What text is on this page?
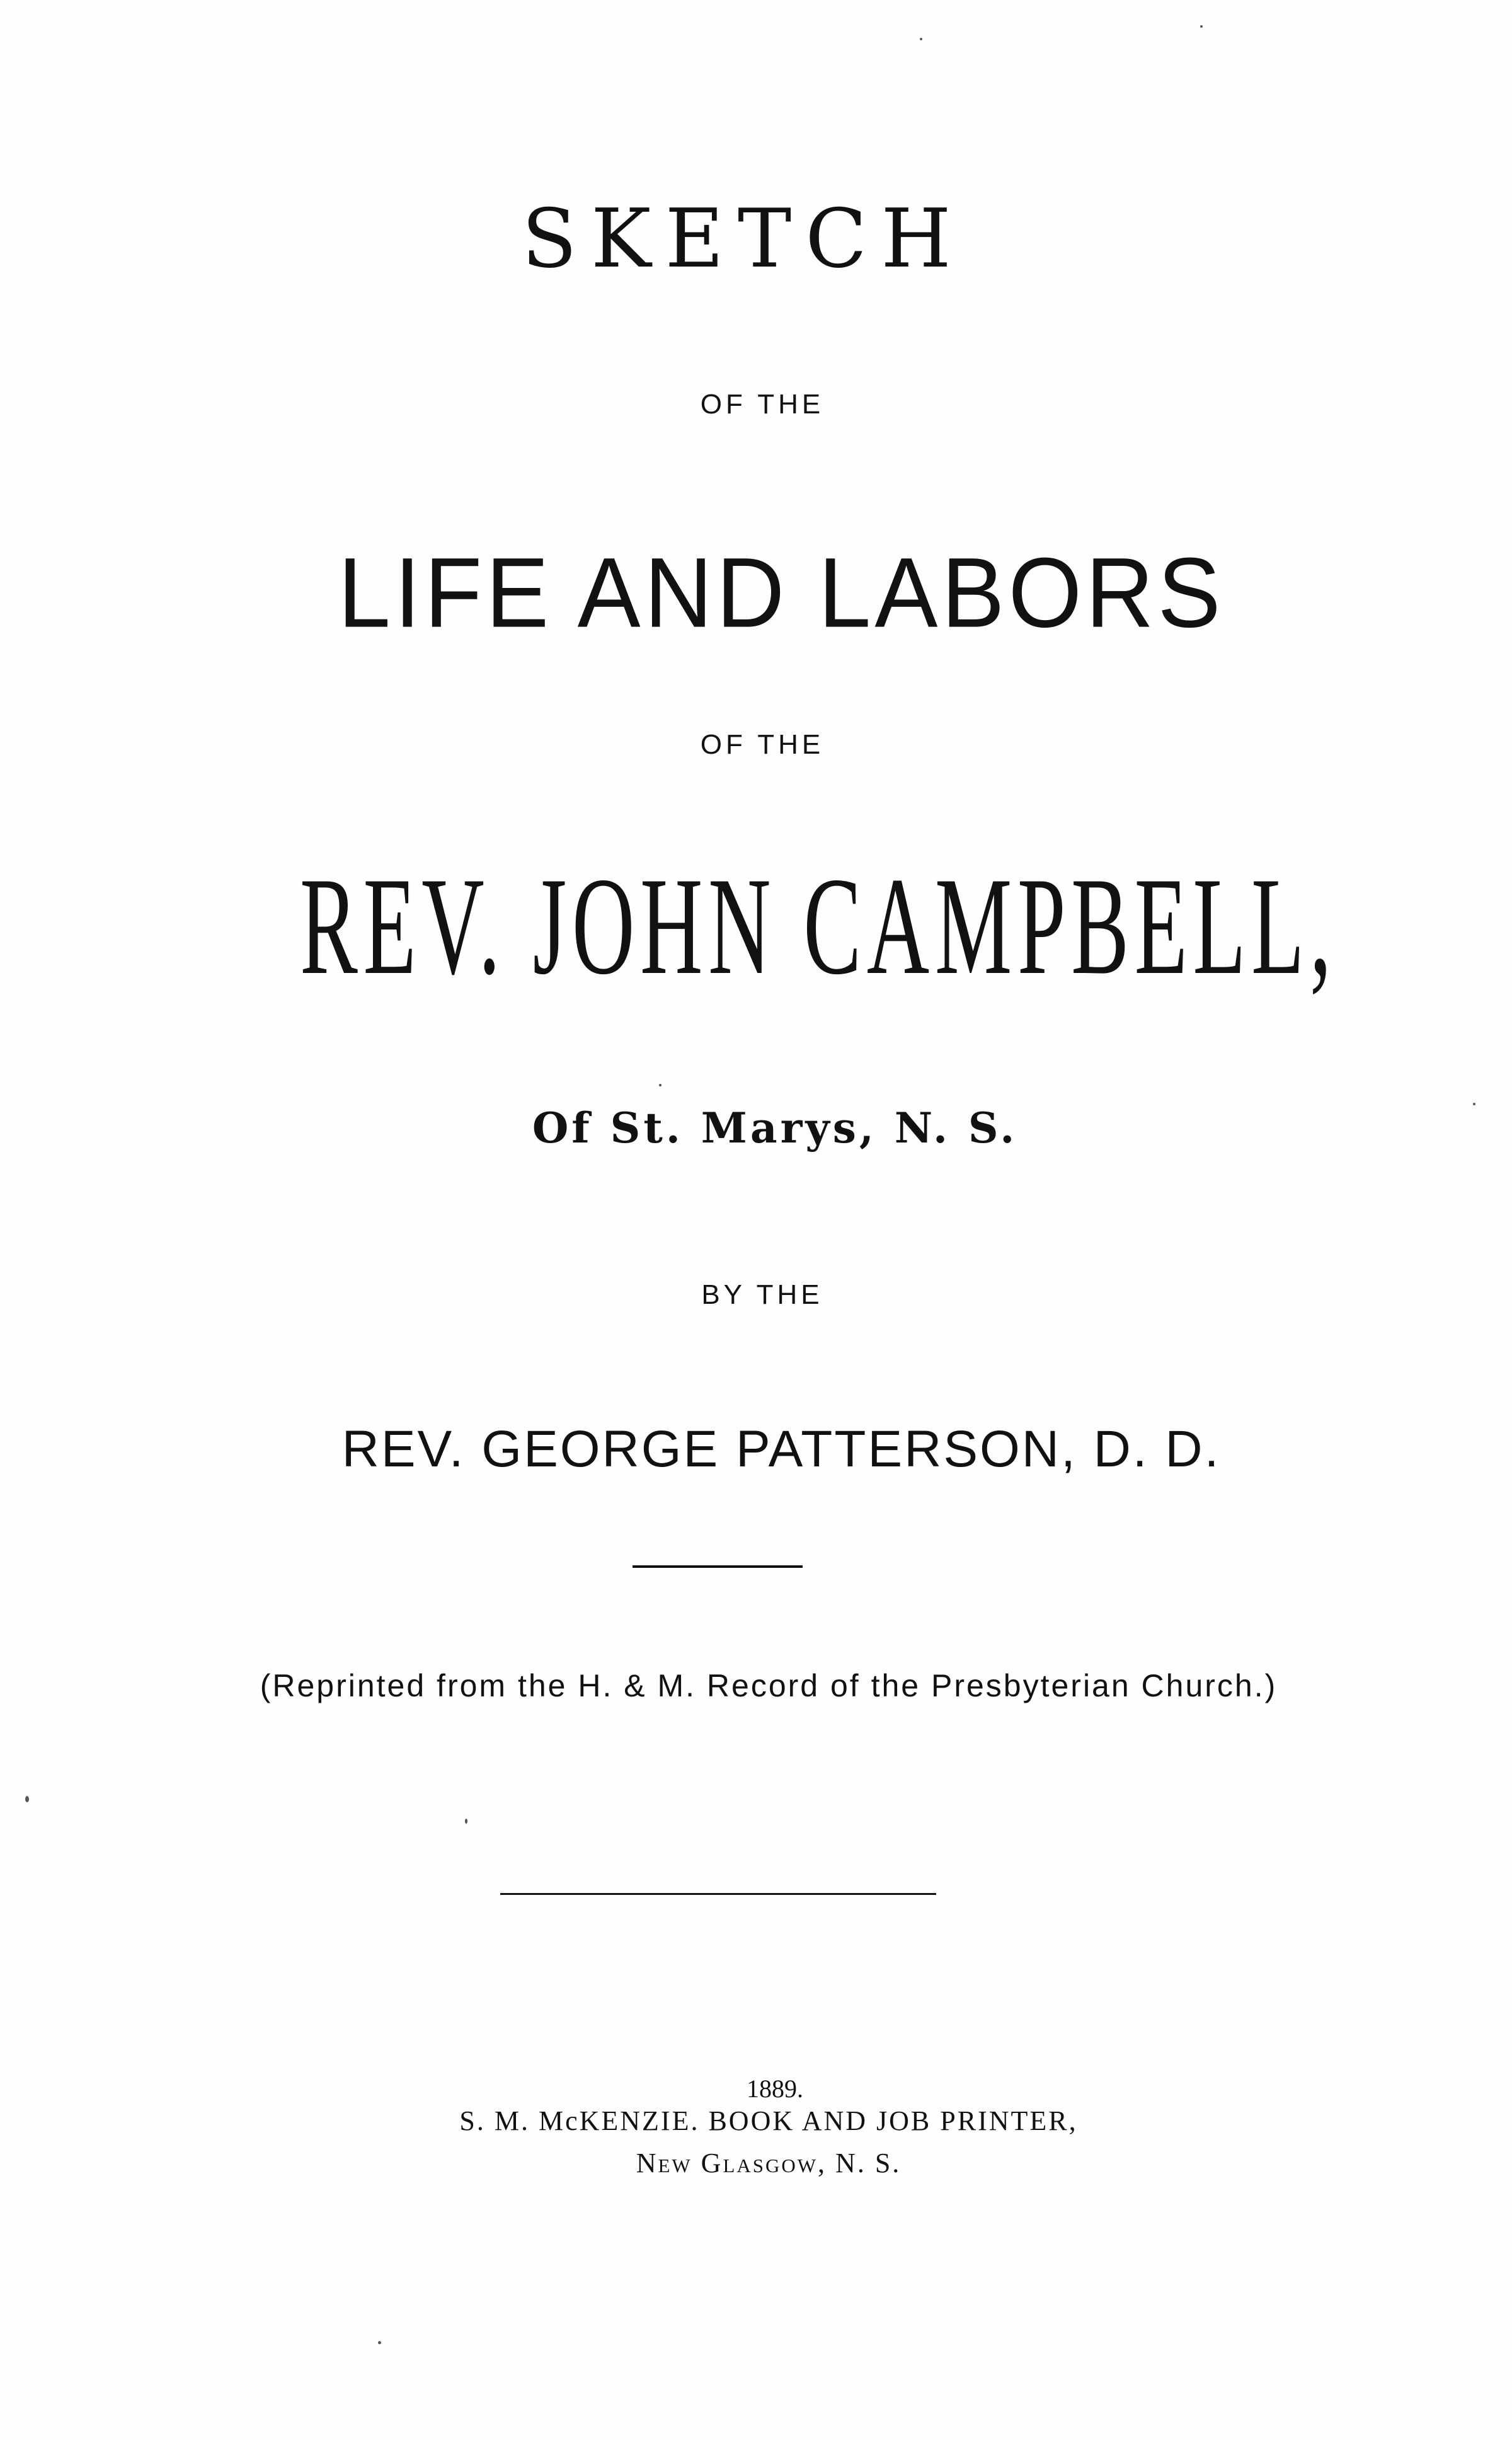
SKETCH
OF THE
LIFE AND LABORS
OF THE
REV. JOHN CAMPBELL,
Of St. Marys, N. S.
BY THE
REV. GEORGE PATTERSON, D. D.
(Reprinted from the H. & M. Record of the Presbyterian Church.)
1889.
S. M. McKENZIE. BOOK AND JOB PRINTER,
New Glasgow, N. S.
